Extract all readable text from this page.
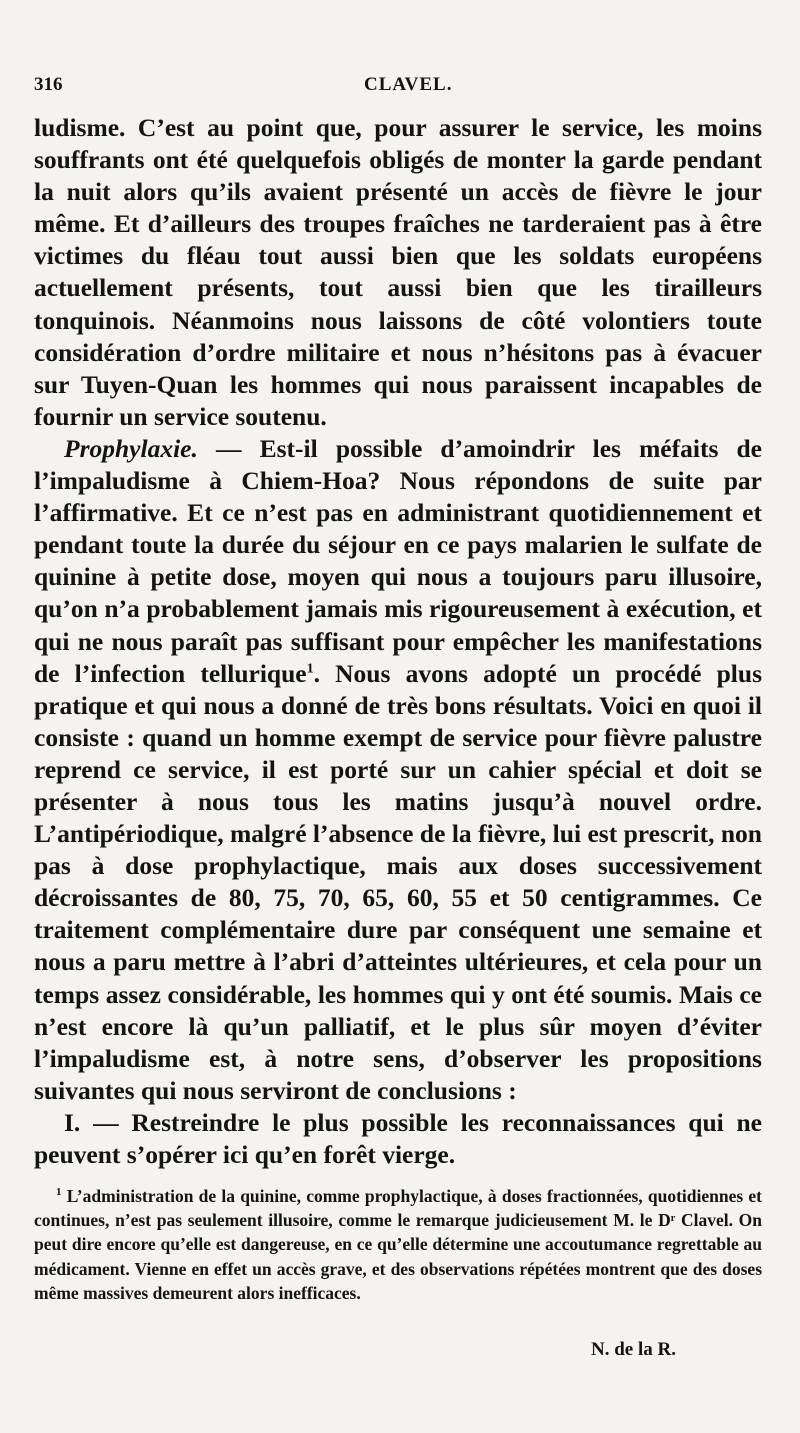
316	CLAVEL.

ludisme. C’est au point que, pour assurer le service, les moins souffrants ont été quelquefois obligés de monter la garde pendant la nuit alors qu’ils avaient présenté un accès de fièvre le jour même. Et d’ailleurs des troupes fraîches ne tarderaient pas à être victimes du fléau tout aussi bien que les soldats européens actuellement présents, tout aussi bien que les tirailleurs tonquinois. Néanmoins nous laissons de côté volontiers toute considération d’ordre militaire et nous n’hésitons pas à évacuer sur Tuyen-Quan les hommes qui nous paraissent incapables de fournir un service soutenu.

Prophylaxie. — Est-il possible d’amoindrir les méfaits de l’impaludisme à Chiem-Hoa? Nous répondons de suite par l’affirmative. Et ce n’est pas en administrant quotidiennement et pendant toute la durée du séjour en ce pays malarien le sulfate de quinine à petite dose, moyen qui nous a toujours paru illusoire, qu’on n’a probablement jamais mis rigoureusement à exécution, et qui ne nous paraît pas suffisant pour empêcher les manifestations de l’infection tellurique$^1$. Nous avons adopté un procédé plus pratique et qui nous a donné de très bons résultats. Voici en quoi il consiste : quand un homme exempt de service pour fièvre palustre reprend ce service, il est porté sur un cahier spécial et doit se présenter à nous tous les matins jusqu’à nouvel ordre. L’antipériodique, malgré l’absence de la fièvre, lui est prescrit, non pas à dose prophylactique, mais aux doses successivement décroissantes de 80, 75, 70, 65, 60, 55 et 50 centigrammes. Ce traitement complémentaire dure par conséquent une semaine et nous a paru mettre à l’abri d’atteintes ultérieures, et cela pour un temps assez considérable, les hommes qui y ont été soumis. Mais ce n’est encore là qu’un palliatif, et le plus sûr moyen d’éviter l’impaludisme est, à notre sens, d’observer les propositions suivantes qui nous serviront de conclusions :

I. — Restreindre le plus possible les reconnaissances qui ne peuvent s’opérer ici qu’en forêt vierge.

$^1$ L’administration de la quinine, comme prophylactique, à doses fractionnées, quotidiennes et continues, n’est pas seulement illusoire, comme le remarque judicieusement M. le Dʳ Clavel. On peut dire encore qu’elle est dangereuse, en ce qu’elle détermine une accoutumance regrettable au médicament. Vienne en effet un accès grave, et des observations répétées montrent que des doses même massives demeurent alors inefficaces.

N. de la R.
